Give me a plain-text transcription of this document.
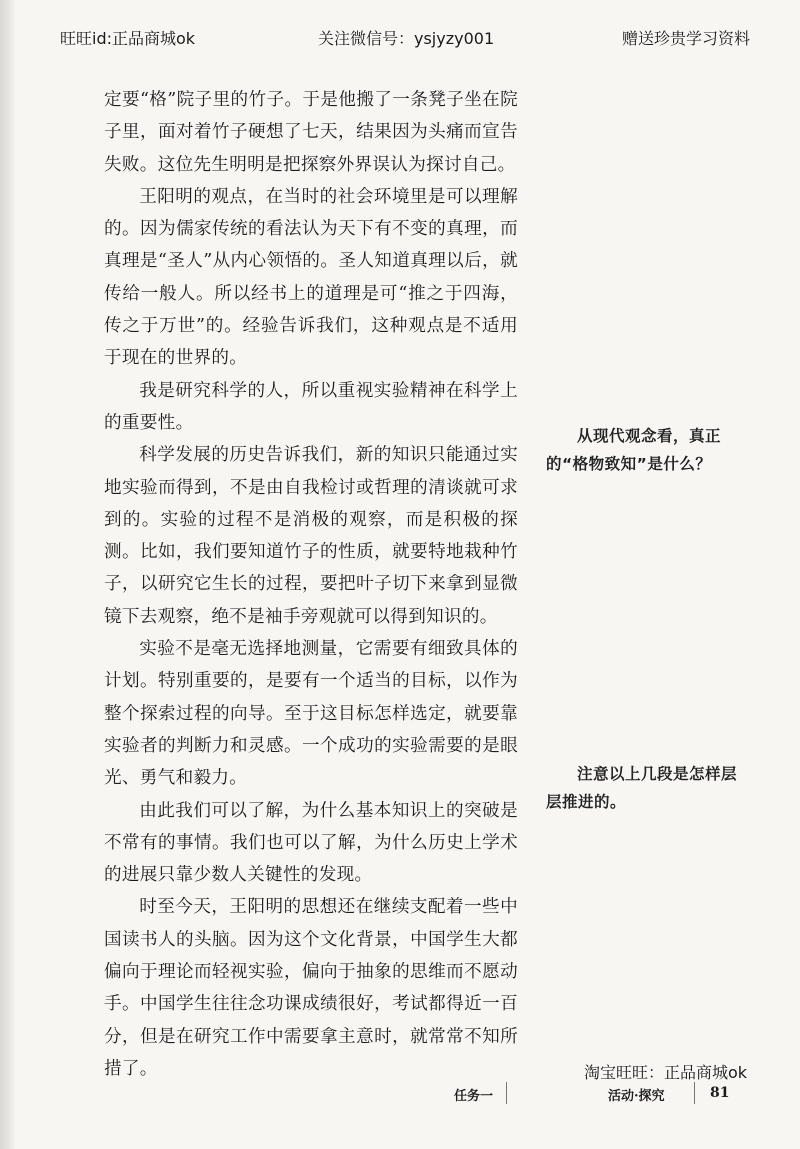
旺旺id:正品商城ok	关注微信号：ysjyzy001	赠送珍贵学习资料

定要“格”院子里的竹子。于是他搬了一条凳子坐在院子里，面对着竹子硬想了七天，结果因为头痛而宣告失败。这位先生明明是把探察外界误认为探讨自己。

王阳明的观点，在当时的社会环境里是可以理解的。因为儒家传统的看法认为天下有不变的真理，而真理是“圣人”从内心领悟的。圣人知道真理以后，就传给一般人。所以经书上的道理是可“推之于四海，传之于万世”的。经验告诉我们，这种观点是不适用于现在的世界的。

我是研究科学的人，所以重视实验精神在科学上的重要性。

科学发展的历史告诉我们，新的知识只能通过实地实验而得到，不是由自我检讨或哲理的清谈就可求到的。实验的过程不是消极的观察，而是积极的探测。比如，我们要知道竹子的性质，就要特地栽种竹子，以研究它生长的过程，要把叶子切下来拿到显微镜下去观察，绝不是袖手旁观就可以得到知识的。

实验不是毫无选择地测量，它需要有细致具体的计划。特别重要的，是要有一个适当的目标，以作为整个探索过程的向导。至于这目标怎样选定，就要靠实验者的判断力和灵感。一个成功的实验需要的是眼光、勇气和毅力。

由此我们可以了解，为什么基本知识上的突破是不常有的事情。我们也可以了解，为什么历史上学术的进展只靠少数人关键性的发现。

时至今天，王阳明的思想还在继续支配着一些中国读书人的头脑。因为这个文化背景，中国学生大都偏向于理论而轻视实验，偏向于抽象的思维而不愿动手。中国学生往往念功课成绩很好，考试都得近一百分，但是在研究工作中需要拿主意时，就常常不知所措了。

从现代观念看，真正的“格物致知”是什么？
注意以上几段是怎样层层推进的。
淘宝旺旺：正品商城ok
任务一	活动·探究	81
